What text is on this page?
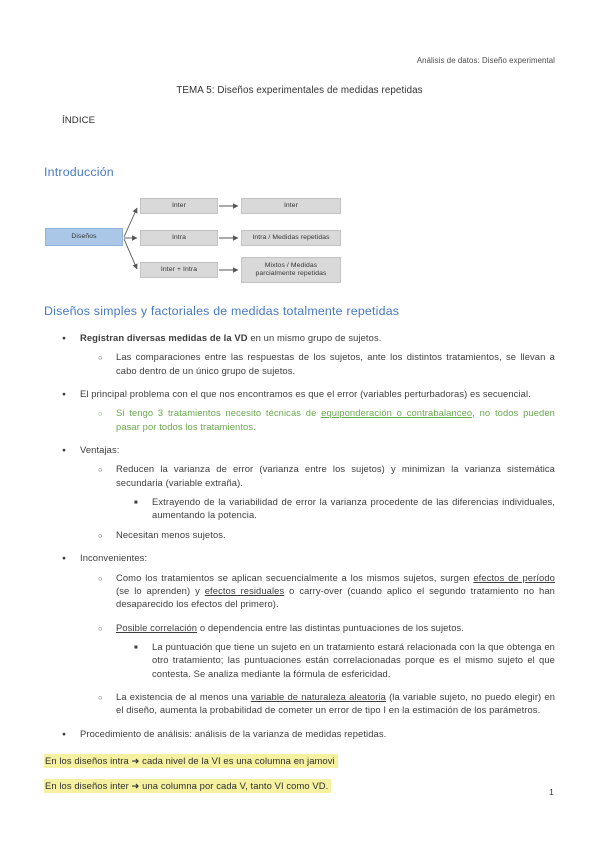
Análisis de datos: Diseño experimental
TEMA 5: Diseños experimentales de medidas repetidas
ÍNDICE
Introducción
Diseños
Inter
Intra
Inter + Intra
Inter
Intra / Medidas repetidas
Mixtos / Medidas parcialmente repetidas
Diseños simples y factoriales de medidas totalmente repetidas
●
Registran diversas medidas de la VD en un mismo grupo de sujetos.
○
Las comparaciones entre las respuestas de los sujetos, ante los distintos tratamientos, se llevan a cabo dentro de un único grupo de sujetos.
●
El principal problema con el que nos encontramos es que el error (variables perturbadoras) es secuencial.
○
Si tengo 3 tratamientos necesito técnicas de equiponderación o contrabalanceo, no todos pueden pasar por todos los tratamientos.
●
Ventajas:
○
Reducen la varianza de error (varianza entre los sujetos) y minimizan la varianza sistemática secundaria (variable extraña).
■
Extrayendo de la variabilidad de error la varianza procedente de las diferencias individuales, aumentando la potencia.
○
Necesitan menos sujetos.
●
Inconvenientes:
○
Como los tratamientos se aplican secuencialmente a los mismos sujetos, surgen efectos de período (se lo aprenden) y efectos residuales o carry-over (cuando aplico el segundo tratamiento no han desaparecido los efectos del primero).
○
Posible correlación o dependencia entre las distintas puntuaciones de los sujetos.
■
La puntuación que tiene un sujeto en un tratamiento estará relacionada con la que obtenga en otro tratamiento; las puntuaciones están correlacionadas porque es el mismo sujeto el que contesta. Se analiza mediante la fórmula de esfericidad.
○
La existencia de al menos una variable de naturaleza aleatoria (la variable sujeto, no puedo elegir) en el diseño, aumenta la probabilidad de cometer un error de tipo I en la estimación de los parámetros.
●
Procedimiento de análisis: análisis de la varianza de medidas repetidas.
En los diseños intra ➜ cada nivel de la VI es una columna en jamovi
En los diseños inter ➜ una columna por cada V, tanto VI como VD.
1
